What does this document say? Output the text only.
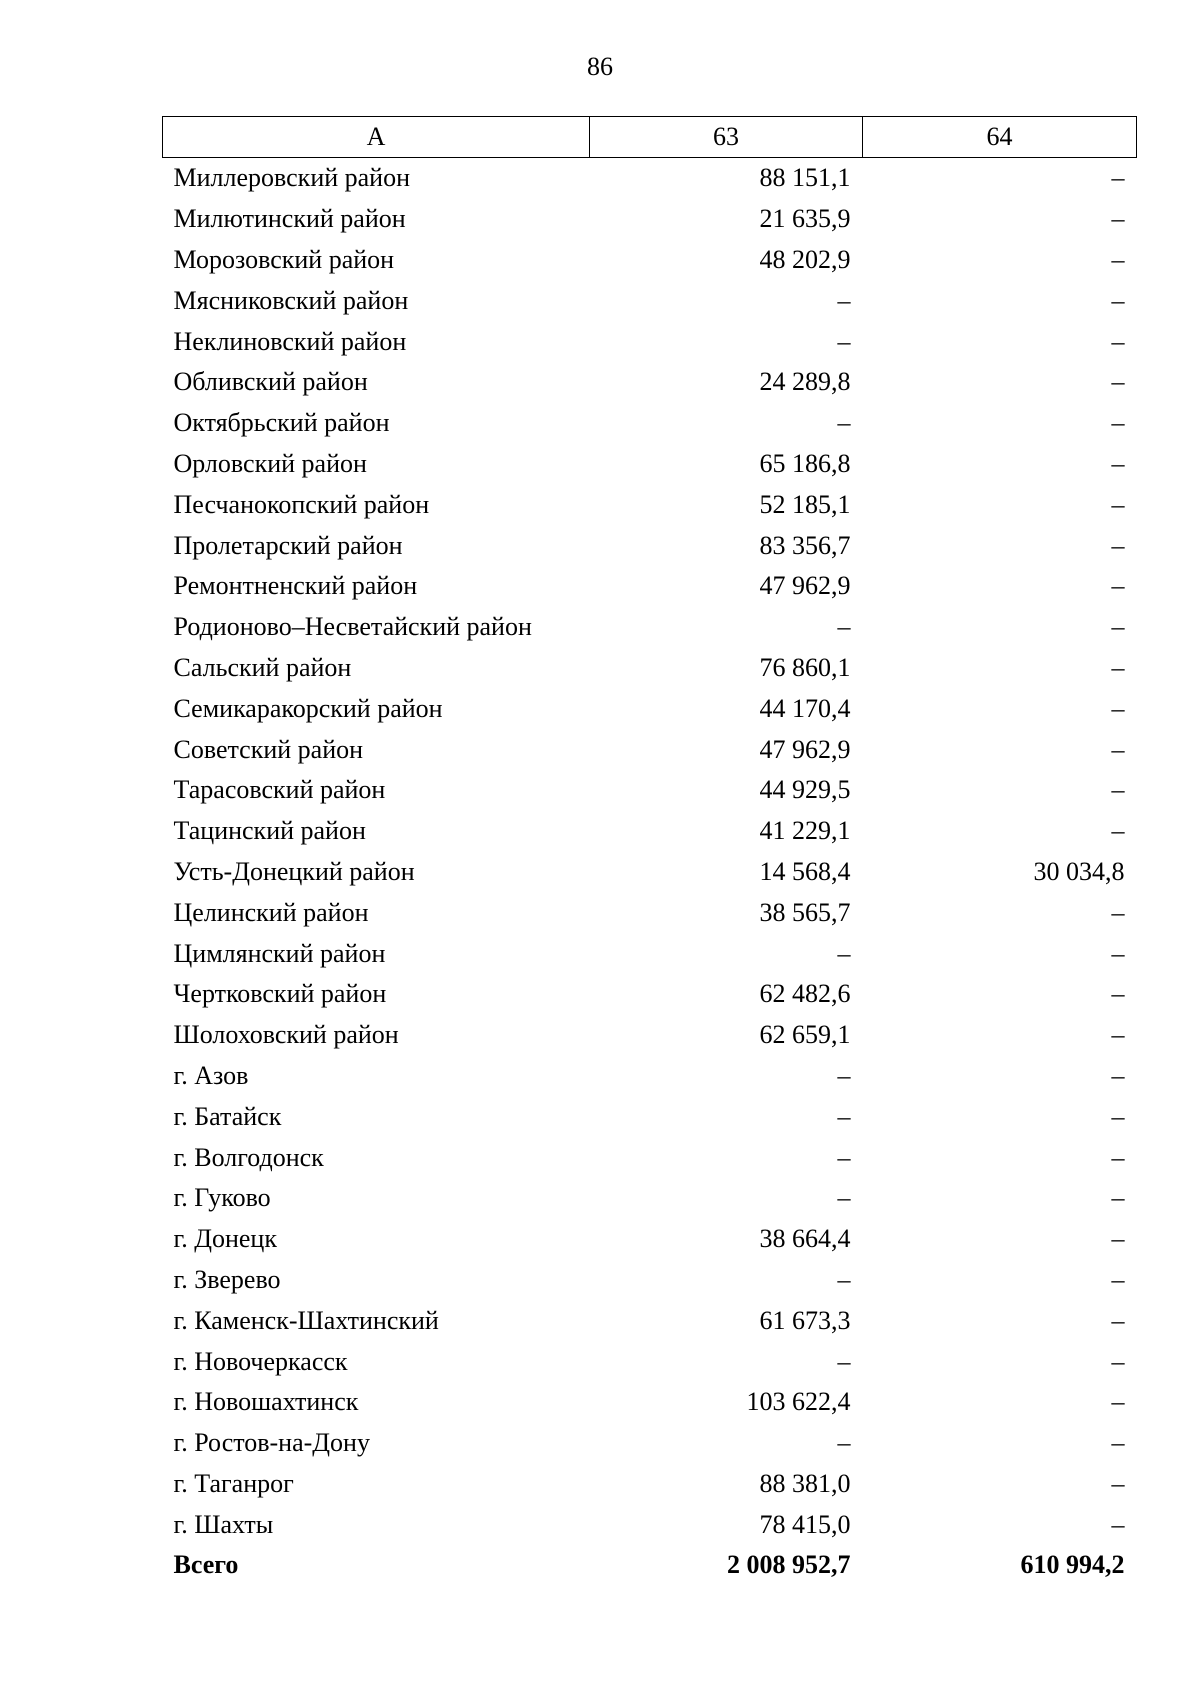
86
А	63	64
Миллеровский район	88 151,1	–
Милютинский район	21 635,9	–
Морозовский район	48 202,9	–
Мясниковский район	–	–
Неклиновский район	–	–
Обливский район	24 289,8	–
Октябрьский район	–	–
Орловский район	65 186,8	–
Песчанокопский район	52 185,1	–
Пролетарский район	83 356,7	–
Ремонтненский район	47 962,9	–
Родионово–Несветайский район	–	–
Сальский район	76 860,1	–
Семикаракорский район	44 170,4	–
Советский район	47 962,9	–
Тарасовский район	44 929,5	–
Тацинский район	41 229,1	–
Усть-Донецкий район	14 568,4	30 034,8
Целинский район	38 565,7	–
Цимлянский район	–	–
Чертковский район	62 482,6	–
Шолоховский район	62 659,1	–
г. Азов	–	–
г. Батайск	–	–
г. Волгодонск	–	–
г. Гуково	–	–
г. Донецк	38 664,4	–
г. Зверево	–	–
г. Каменск-Шахтинский	61 673,3	–
г. Новочеркасск	–	–
г. Новошахтинск	103 622,4	–
г. Ростов-на-Дону	–	–
г. Таганрог	88 381,0	–
г. Шахты	78 415,0	–
Всего	2 008 952,7	610 994,2
